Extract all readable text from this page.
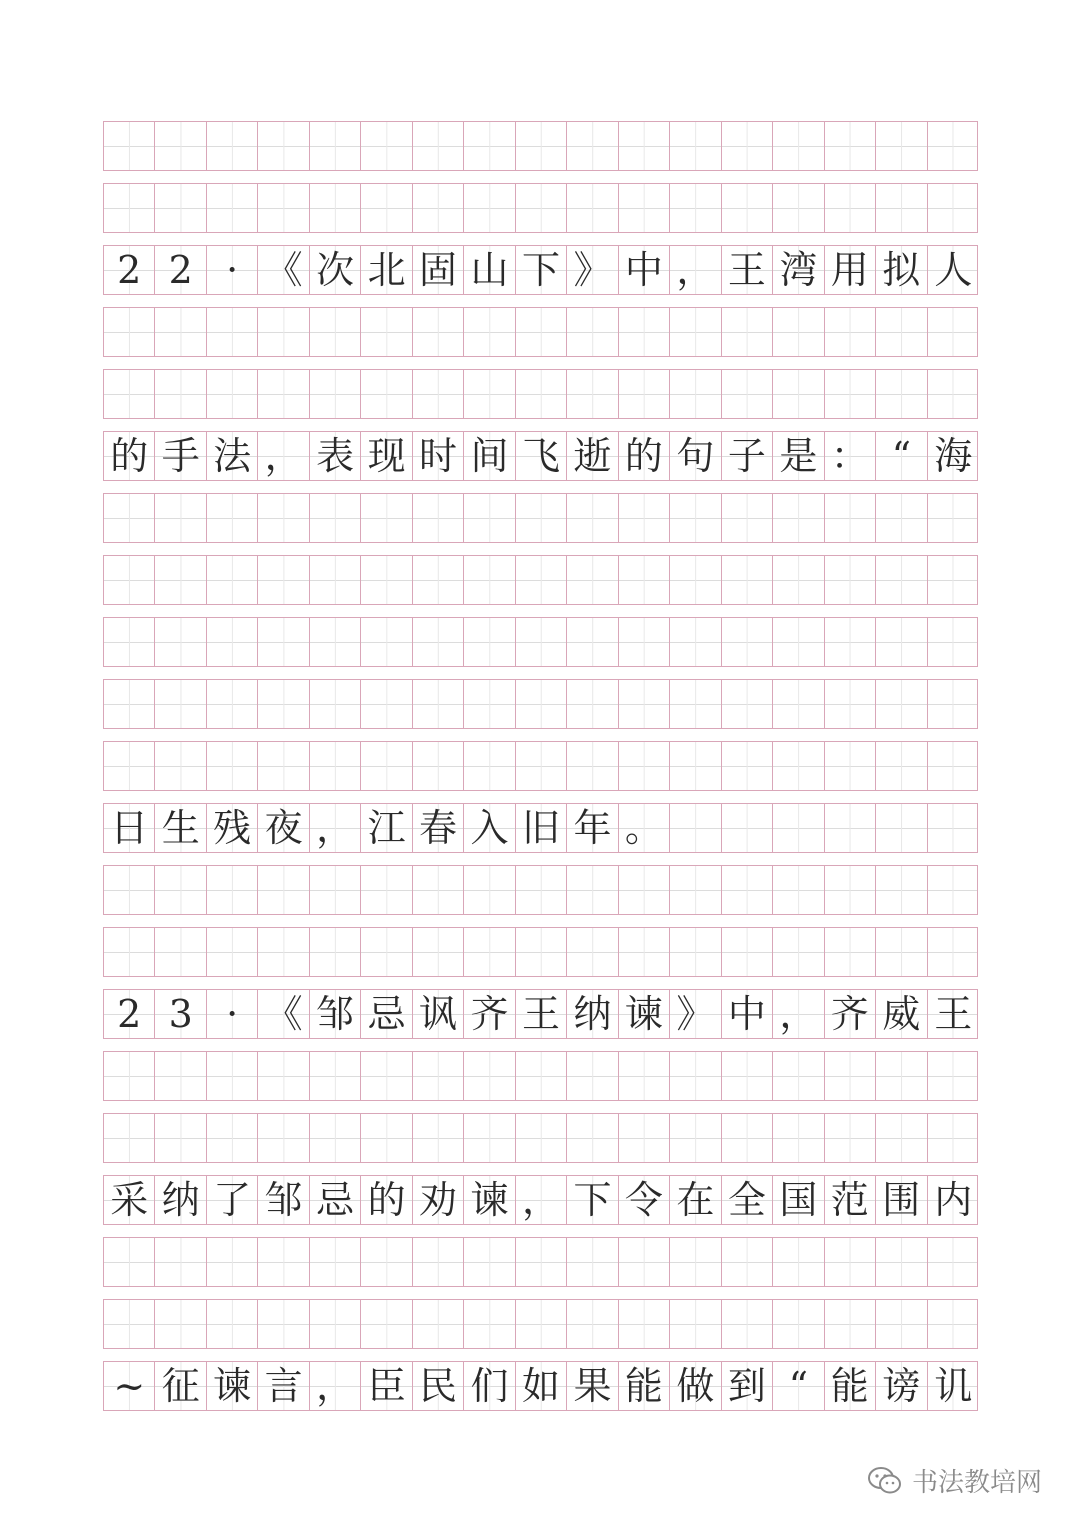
2 2 · 《 次 北 固 山 下 》 中 ， 王 湾 用 拟 人
的 手 法 ， 表 现 时 间 飞 逝 的 句 子 是 ： “ 海
日 生 残 夜 ， 江 春 入 旧 年 。
2 3 · 《 邹 忌 讽 齐 王 纳 谏 》 中 ， 齐 威 王
采 纳 了 邹 忌 的 劝 谏 ， 下 令 在 全 国 范 围 内
~ 征 谏 言 ， 臣 民 们 如 果 能 做 到 “ 能 谤 讥
书法教培网
